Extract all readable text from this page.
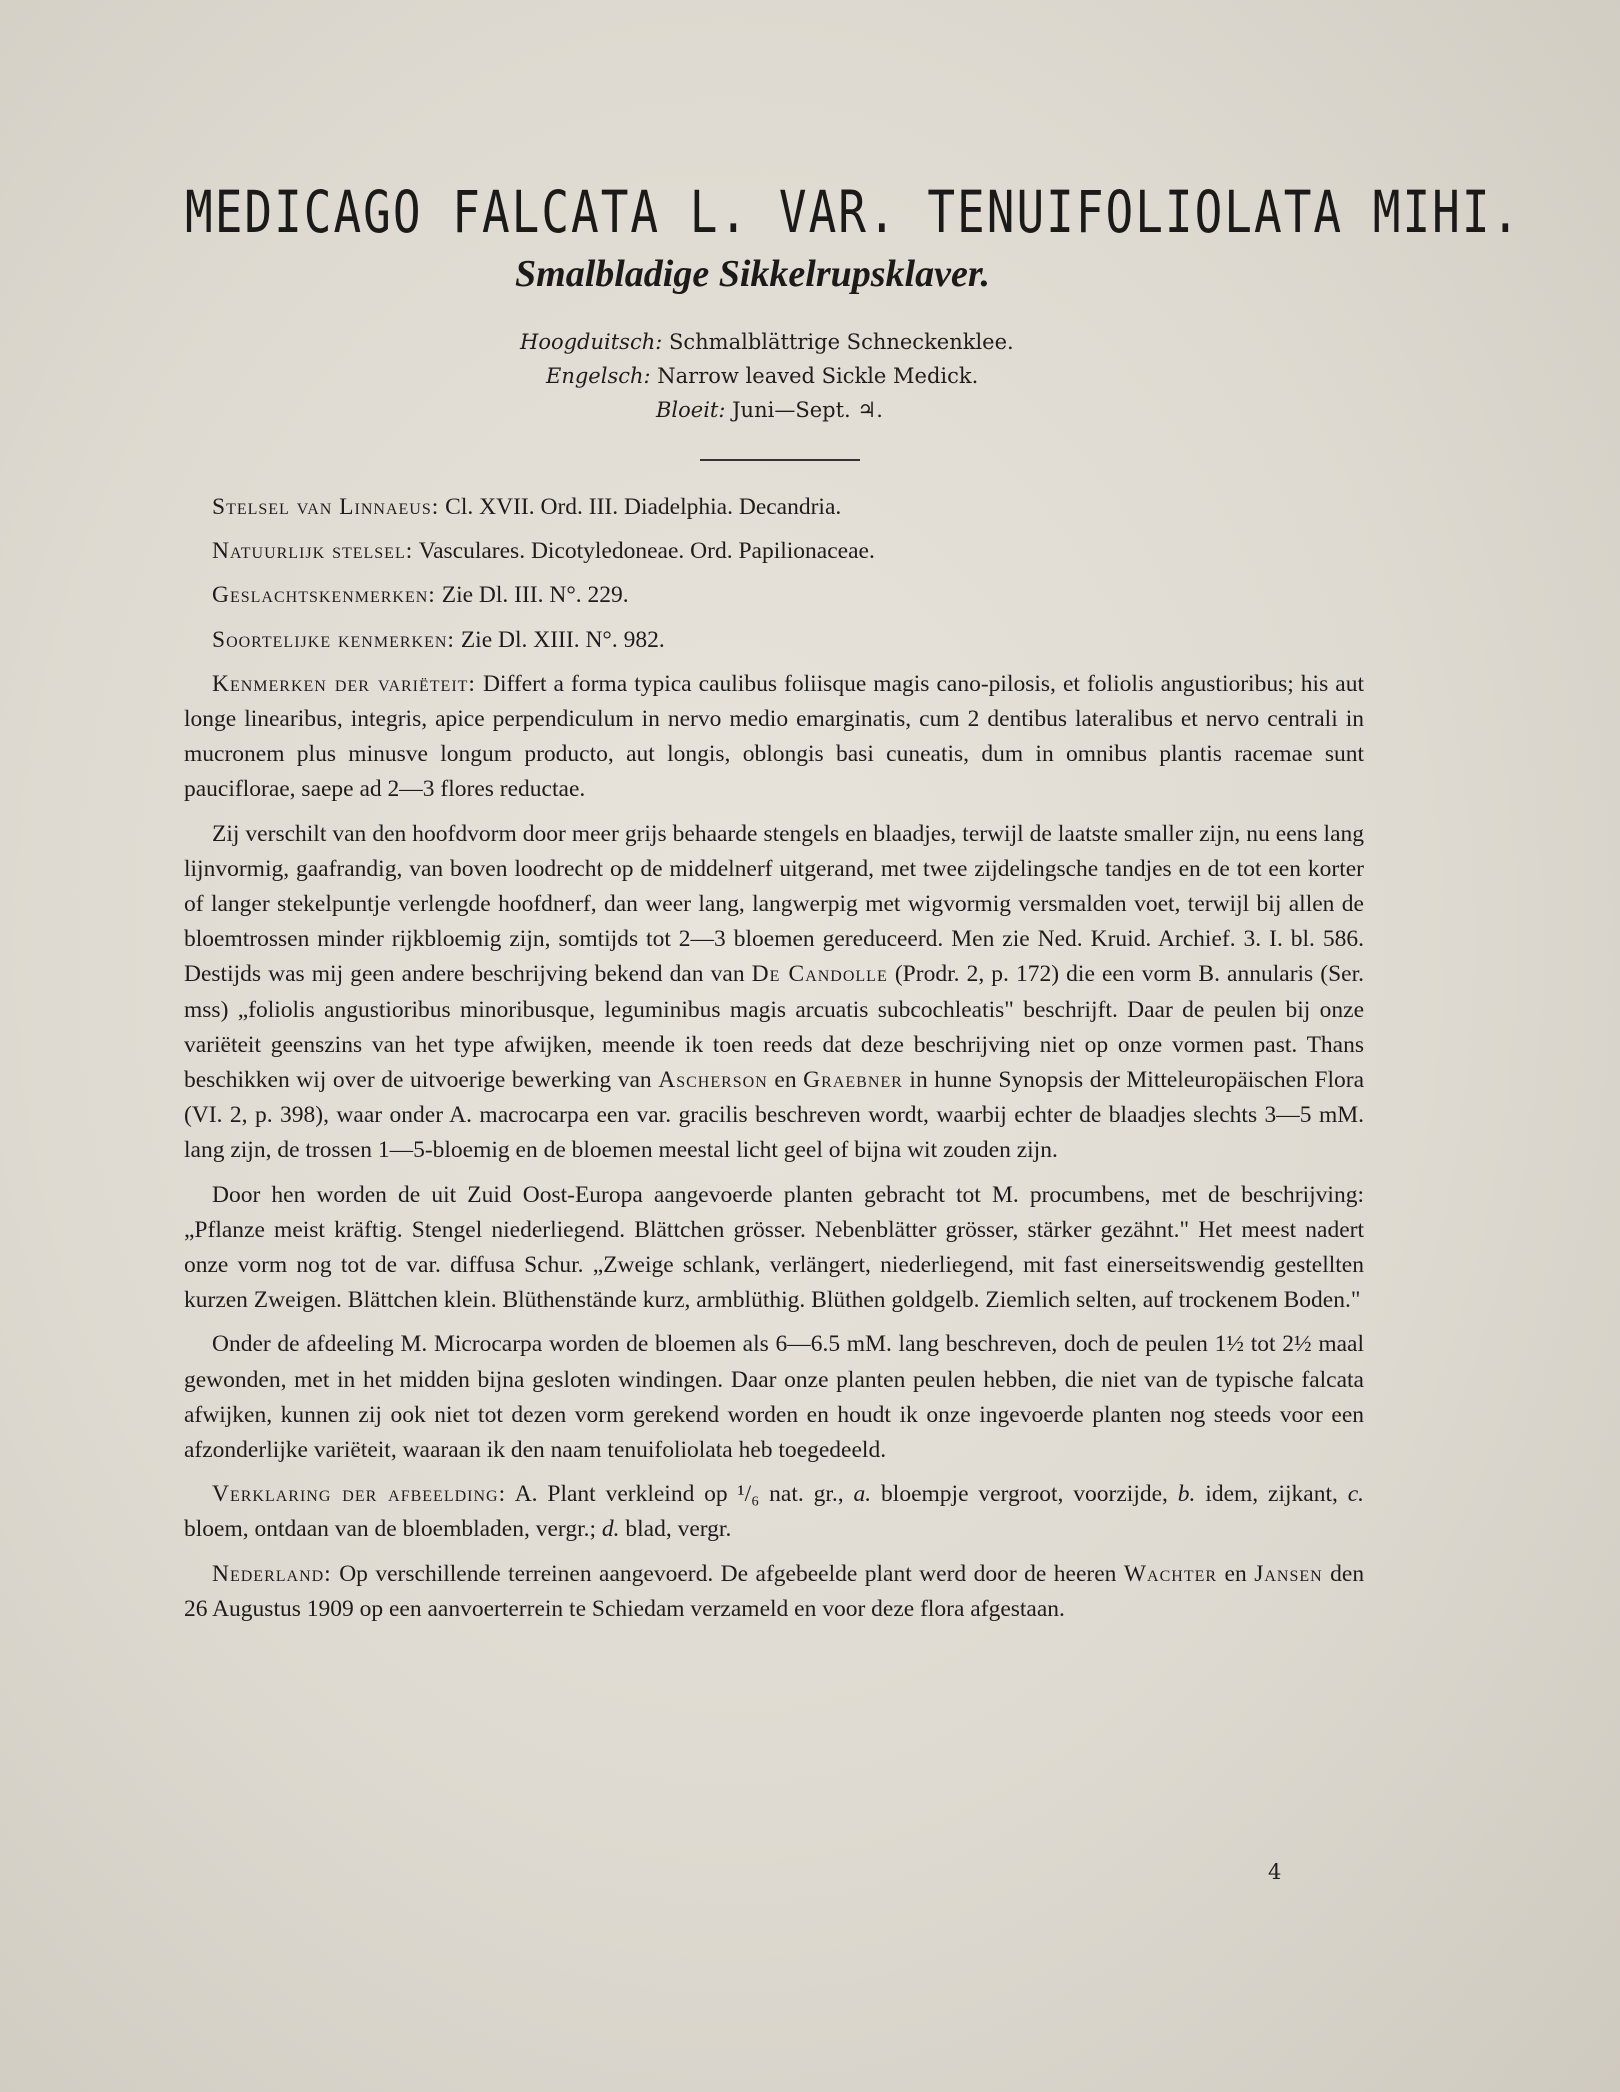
MEDICAGO FALCATA L. VAR. TENUIFOLIOLATA MIHI.
Smalbladige Sikkelrupsklaver.
Hoogduitsch: Schmalblättrige Schneckenklee.
Engelsch: Narrow leaved Sickle Medick.
Bloeit: Juni—Sept. ♃.

Stelsel van Linnaeus: Cl. XVII. Ord. III. Diadelphia. Decandria.

Natuurlijk stelsel: Vasculares. Dicotyledoneae. Ord. Papilionaceae.

Geslachtskenmerken: Zie Dl. III. N°. 229.

Soortelijke kenmerken: Zie Dl. XIII. N°. 982.

Kenmerken der variëteit: Differt a forma typica caulibus foliisque magis cano-pilosis, et foliolis angustioribus; his aut longe linearibus, integris, apice perpendiculum in nervo medio emarginatis, cum 2 dentibus lateralibus et nervo centrali in mucronem plus minusve longum producto, aut longis, oblongis basi cuneatis, dum in omnibus plantis racemae sunt pauciflorae, saepe ad 2—3 flores reductae.

Zij verschilt van den hoofdvorm door meer grijs behaarde stengels en blaadjes, terwijl de laatste smaller zijn, nu eens lang lijnvormig, gaafrandig, van boven loodrecht op de middelnerf uitgerand, met twee zijdelingsche tandjes en de tot een korter of langer stekelpuntje verlengde hoofdnerf, dan weer lang, langwerpig met wigvormig versmalden voet, terwijl bij allen de bloemtrossen minder rijkbloemig zijn, somtijds tot 2—3 bloemen gereduceerd. Men zie Ned. Kruid. Archief. 3. I. bl. 586. Destijds was mij geen andere beschrijving bekend dan van De Candolle (Prodr. 2, p. 172) die een vorm B. annularis (Ser. mss) „foliolis angustioribus minoribusque, leguminibus magis arcuatis subcochleatis" beschrijft. Daar de peulen bij onze variëteit geenszins van het type afwijken, meende ik toen reeds dat deze beschrijving niet op onze vormen past. Thans beschikken wij over de uitvoerige bewerking van Ascherson en Graebner in hunne Synopsis der Mitteleuropäischen Flora (VI. 2, p. 398), waar onder A. macrocarpa een var. gracilis beschreven wordt, waarbij echter de blaadjes slechts 3—5 mM. lang zijn, de trossen 1—5-bloemig en de bloemen meestal licht geel of bijna wit zouden zijn.

Door hen worden de uit Zuid Oost-Europa aangevoerde planten gebracht tot M. procumbens, met de beschrijving: „Pflanze meist kräftig. Stengel niederliegend. Blättchen grösser. Nebenblätter grösser, stärker gezähnt." Het meest nadert onze vorm nog tot de var. diffusa Schur. „Zweige schlank, verlängert, niederliegend, mit fast einerseitswendig gestellten kurzen Zweigen. Blättchen klein. Blüthenstände kurz, armblüthig. Blüthen goldgelb. Ziemlich selten, auf trockenem Boden."

Onder de afdeeling M. Microcarpa worden de bloemen als 6—6.5 mM. lang beschreven, doch de peulen 1½ tot 2½ maal gewonden, met in het midden bijna gesloten windingen. Daar onze planten peulen hebben, die niet van de typische falcata afwijken, kunnen zij ook niet tot dezen vorm gerekend worden en houdt ik onze ingevoerde planten nog steeds voor een afzonderlijke variëteit, waaraan ik den naam tenuifoliolata heb toegedeeld.

Verklaring der afbeelding: A. Plant verkleind op ¹/₆ nat. gr., a. bloempje vergroot, voorzijde, b. idem, zijkant, c. bloem, ontdaan van de bloembladen, vergr.; d. blad, vergr.

Nederland: Op verschillende terreinen aangevoerd. De afgebeelde plant werd door de heeren Wachter en Jansen den 26 Augustus 1909 op een aanvoerterrein te Schiedam verzameld en voor deze flora afgestaan.

4
